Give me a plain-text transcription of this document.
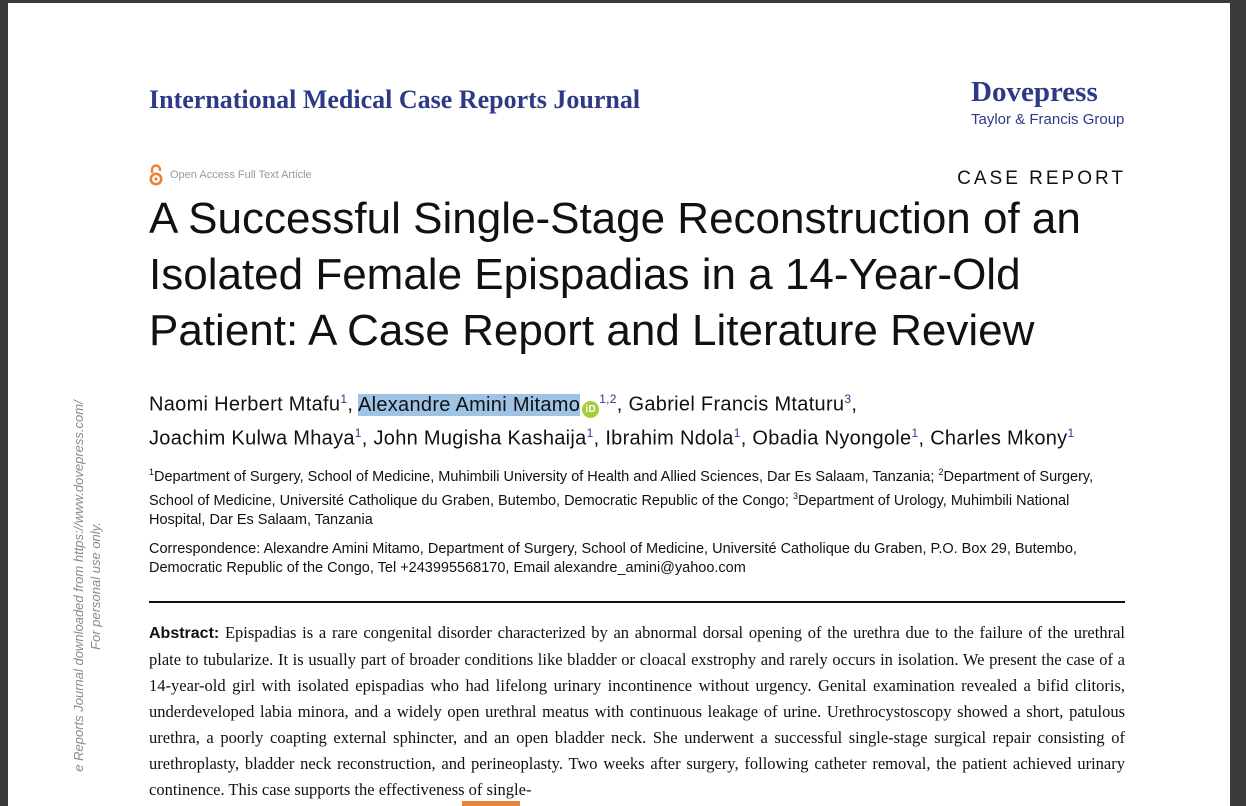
International Medical Case Reports Journal	Dovepress
Taylor & Francis Group
Open Access Full Text Article	CASE REPORT
A Successful Single-Stage Reconstruction of an Isolated Female Epispadias in a 14-Year-Old Patient: A Case Report and Literature Review
Naomi Herbert Mtafu$^1$, Alexandre Amini Mitamo iD$^{1,2}$, Gabriel Francis Mtaturu$^3$,
Joachim Kulwa Mhaya$^1$, John Mugisha Kashaija$^1$, Ibrahim Ndola$^1$, Obadia Nyongole$^1$, Charles Mkony$^1$
$^1$Department of Surgery, School of Medicine, Muhimbili University of Health and Allied Sciences, Dar Es Salaam, Tanzania; $^2$Department of Surgery, School of Medicine, Université Catholique du Graben, Butembo, Democratic Republic of the Congo; $^3$Department of Urology, Muhimbili National Hospital, Dar Es Salaam, Tanzania
Correspondence: Alexandre Amini Mitamo, Department of Surgery, School of Medicine, Université Catholique du Graben, P.O. Box 29, Butembo, Democratic Republic of the Congo, Tel +243995568170, Email alexandre_amini@yahoo.com
Abstract: Epispadias is a rare congenital disorder characterized by an abnormal dorsal opening of the urethra due to the failure of the urethral plate to tubularize. It is usually part of broader conditions like bladder or cloacal exstrophy and rarely occurs in isolation. We present the case of a 14-year-old girl with isolated epispadias who had lifelong urinary incontinence without urgency. Genital examination revealed a bifid clitoris, underdeveloped labia minora, and a widely open urethral meatus with continuous leakage of urine. Urethrocystoscopy showed a short, patulous urethra, a poorly coapting external sphincter, and an open bladder neck. She underwent a successful single-stage surgical repair consisting of urethroplasty, bladder neck reconstruction, and perineoplasty. Two weeks after surgery, following catheter removal, the patient achieved urinary continence. This case supports the effectiveness of single-
e Reports Journal downloaded from https://www.dovepress.com/ For personal use only.
